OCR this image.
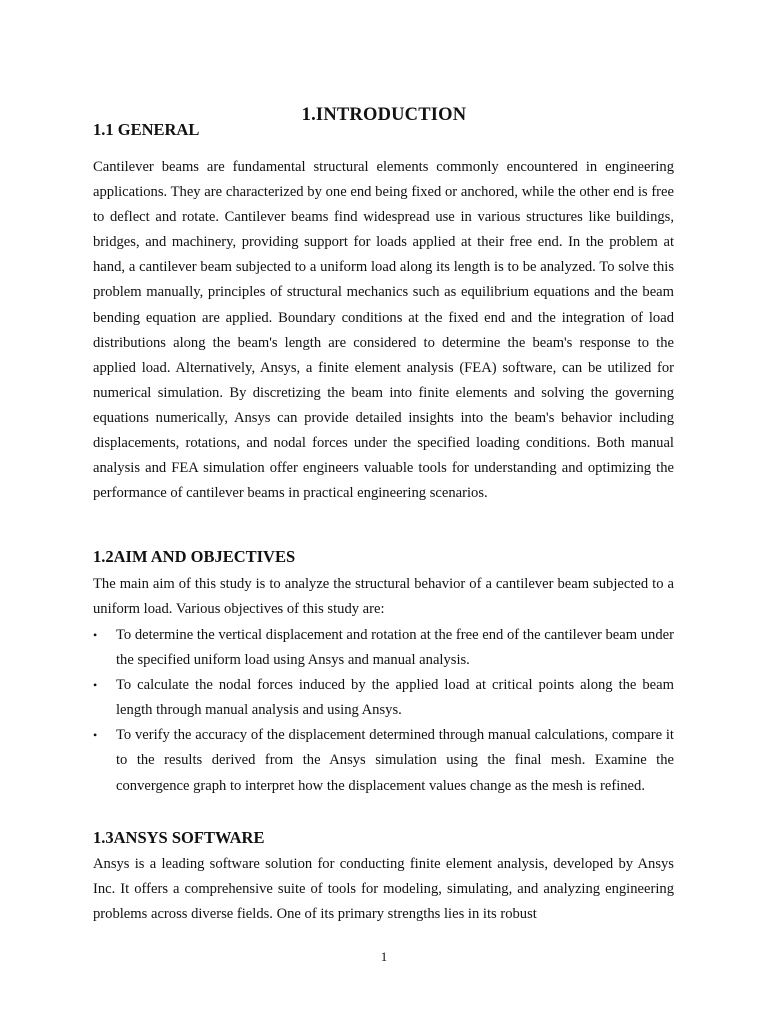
1.INTRODUCTION
1.1 GENERAL

Cantilever beams are fundamental structural elements commonly encountered in engineering applications. They are characterized by one end being fixed or anchored, while the other end is free to deflect and rotate. Cantilever beams find widespread use in various structures like buildings, bridges, and machinery, providing support for loads applied at their free end. In the problem at hand, a cantilever beam subjected to a uniform load along its length is to be analyzed. To solve this problem manually, principles of structural mechanics such as equilibrium equations and the beam bending equation are applied. Boundary conditions at the fixed end and the integration of load distributions along the beam's length are considered to determine the beam's response to the applied load. Alternatively, Ansys, a finite element analysis (FEA) software, can be utilized for numerical simulation. By discretizing the beam into finite elements and solving the governing equations numerically, Ansys can provide detailed insights into the beam's behavior including displacements, rotations, and nodal forces under the specified loading conditions. Both manual analysis and FEA simulation offer engineers valuable tools for understanding and optimizing the performance of cantilever beams in practical engineering scenarios.

1.2AIM AND OBJECTIVES

The main aim of this study is to analyze the structural behavior of a cantilever beam subjected to a uniform load. Various objectives of this study are:

•	To determine the vertical displacement and rotation at the free end of the cantilever beam under the specified uniform load using Ansys and manual analysis.
•	To calculate the nodal forces induced by the applied load at critical points along the beam length through manual analysis and using Ansys.
•	To verify the accuracy of the displacement determined through manual calculations, compare it to the results derived from the Ansys simulation using the final mesh. Examine the convergence graph to interpret how the displacement values change as the mesh is refined.
1.3ANSYS SOFTWARE

Ansys is a leading software solution for conducting finite element analysis, developed by Ansys Inc. It offers a comprehensive suite of tools for modeling, simulating, and analyzing engineering problems across diverse fields. One of its primary strengths lies in its robust

1
